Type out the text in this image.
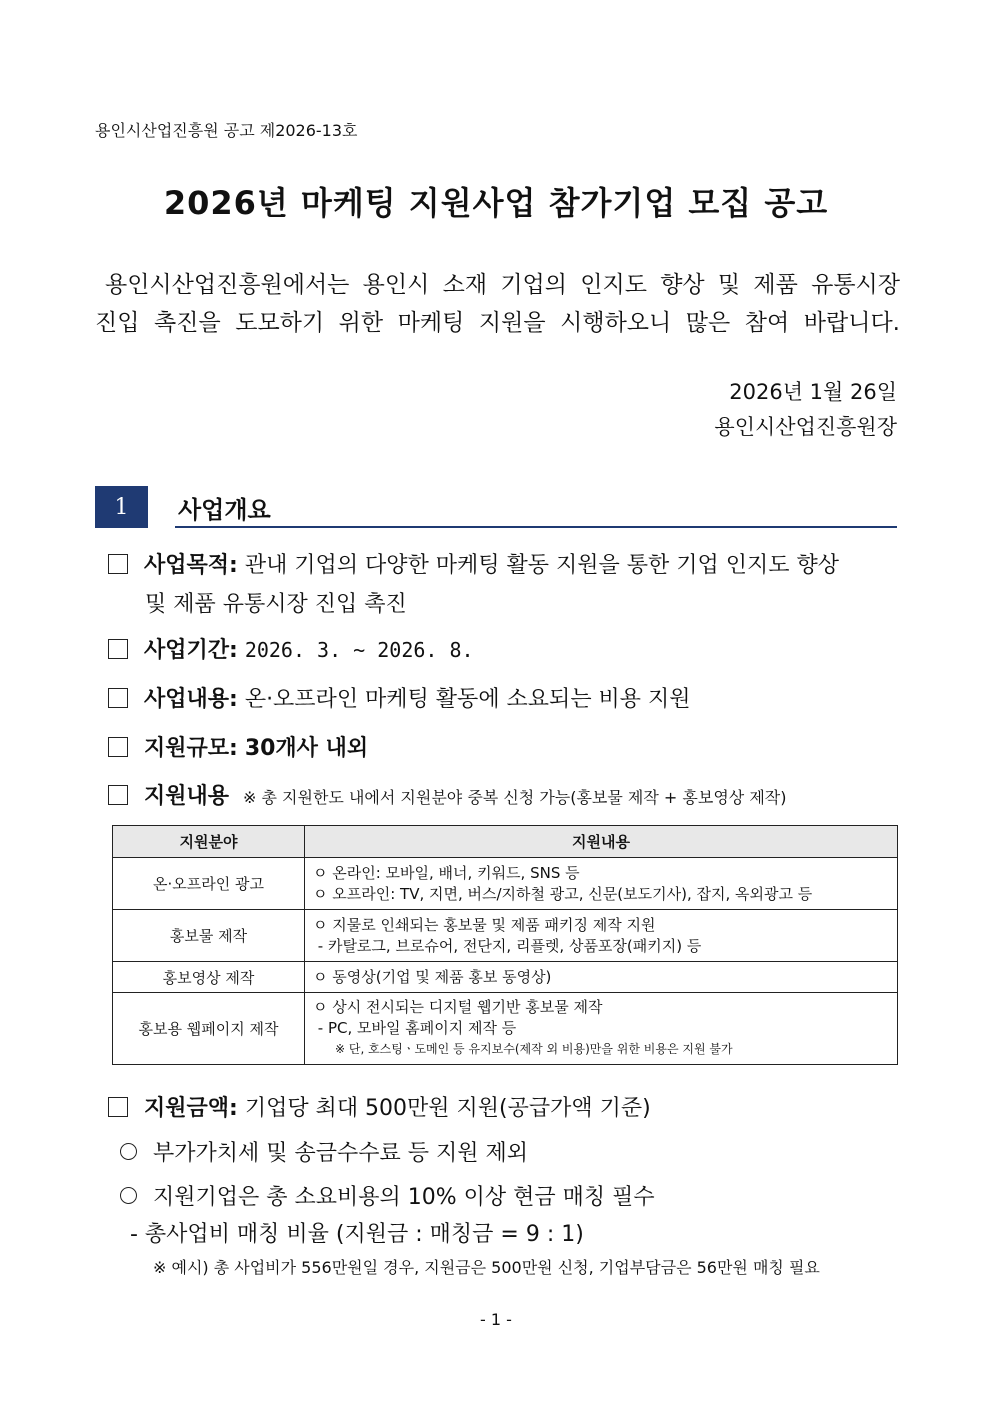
용인시산업진흥원 공고 제2026-13호
2026년 마케팅 지원사업 참가기업 모집 공고
용인시산업진흥원에서는 용인시 소재 기업의 인지도 향상 및 제품 유통시장
진입 촉진을 도모하기 위한 마케팅 지원을 시행하오니 많은 참여 바랍니다.
2026년 1월 26일
용인시산업진흥원장
1	사업개요
사업목적: 관내 기업의 다양한 마케팅 활동 지원을 통한 기업 인지도 향상
및 제품 유통시장 진입 촉진
사업기간: 2026. 3. ~ 2026. 8.
사업내용: 온·오프라인 마케팅 활동에 소요되는 비용 지원
지원규모: 30개사 내외
지원내용 ※ 총 지원한도 내에서 지원분야 중복 신청 가능(홍보물 제작 + 홍보영상 제작)
지원분야	지원내용
온·오프라인 광고	ㅇ 온라인: 모바일, 배너, 키워드, SNS 등
ㅇ 오프라인: TV, 지면, 버스/지하철 광고, 신문(보도기사), 잡지, 옥외광고 등

홍보물 제작	ㅇ 지물로 인쇄되는 홍보물 및 제품 패키징 제작 지원
- 카탈로그, 브로슈어, 전단지, 리플렛, 상품포장(패키지) 등

홍보영상 제작	ㅇ 동영상(기업 및 제품 홍보 동영상)

홍보용 웹페이지 제작	ㅇ 상시 전시되는 디지털 웹기반 홍보물 제작
- PC, 모바일 홈페이지 제작 등
※ 단, 호스팅ㆍ도메인 등 유지보수(제작 외 비용)만을 위한 비용은 지원 불가
지원금액: 기업당 최대 500만원 지원(공급가액 기준)
부가가치세 및 송금수수료 등 지원 제외
지원기업은 총 소요비용의 10% 이상 현금 매칭 필수
- 총사업비 매칭 비율 (지원금 : 매칭금 = 9 : 1)
※ 예시) 총 사업비가 556만원일 경우, 지원금은 500만원 신청, 기업부담금은 56만원 매칭 필요
- 1 -
